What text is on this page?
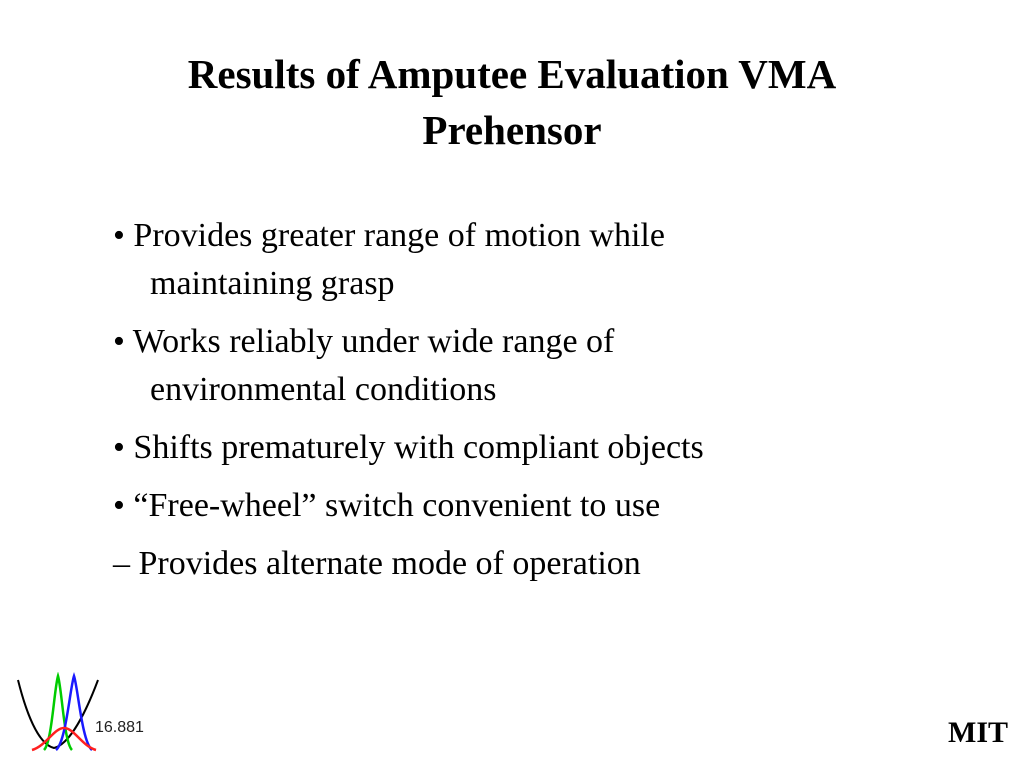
Results of Amputee Evaluation VMA
Prehensor
• Provides greater range of motion while
maintaining grasp
• Works reliably under wide range of
environmental conditions
• Shifts prematurely with compliant objects
• “Free-wheel” switch convenient to use
– Provides alternate mode of operation
16.881	MIT
